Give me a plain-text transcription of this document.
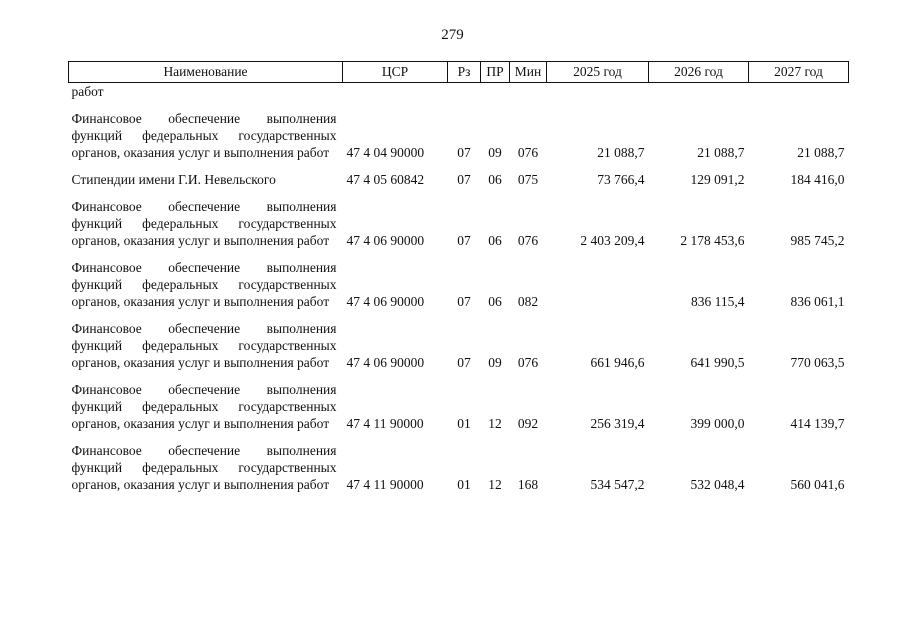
279
Наименование	ЦСР	Рз	ПР	Мин	2025 год	2026 год	2027 год
работ							

Финансовое обеспечение выполнения функций федеральных государственных органов, оказания услуг и выполнения работ	47 4 04 90000	07	09	076	21 088,7	21 088,7	21 088,7

Стипендии имени Г.И. Невельского	47 4 05 60842	07	06	075	73 766,4	129 091,2	184 416,0

Финансовое обеспечение выполнения функций федеральных государственных органов, оказания услуг и выполнения работ	47 4 06 90000	07	06	076	2 403 209,4	2 178 453,6	985 745,2

Финансовое обеспечение выполнения функций федеральных государственных органов, оказания услуг и выполнения работ	47 4 06 90000	07	06	082		836 115,4	836 061,1

Финансовое обеспечение выполнения функций федеральных государственных органов, оказания услуг и выполнения работ	47 4 06 90000	07	09	076	661 946,6	641 990,5	770 063,5

Финансовое обеспечение выполнения функций федеральных государственных органов, оказания услуг и выполнения работ	47 4 11 90000	01	12	092	256 319,4	399 000,0	414 139,7

Финансовое обеспечение выполнения функций федеральных государственных органов, оказания услуг и выполнения работ	47 4 11 90000	01	12	168	534 547,2	532 048,4	560 041,6
